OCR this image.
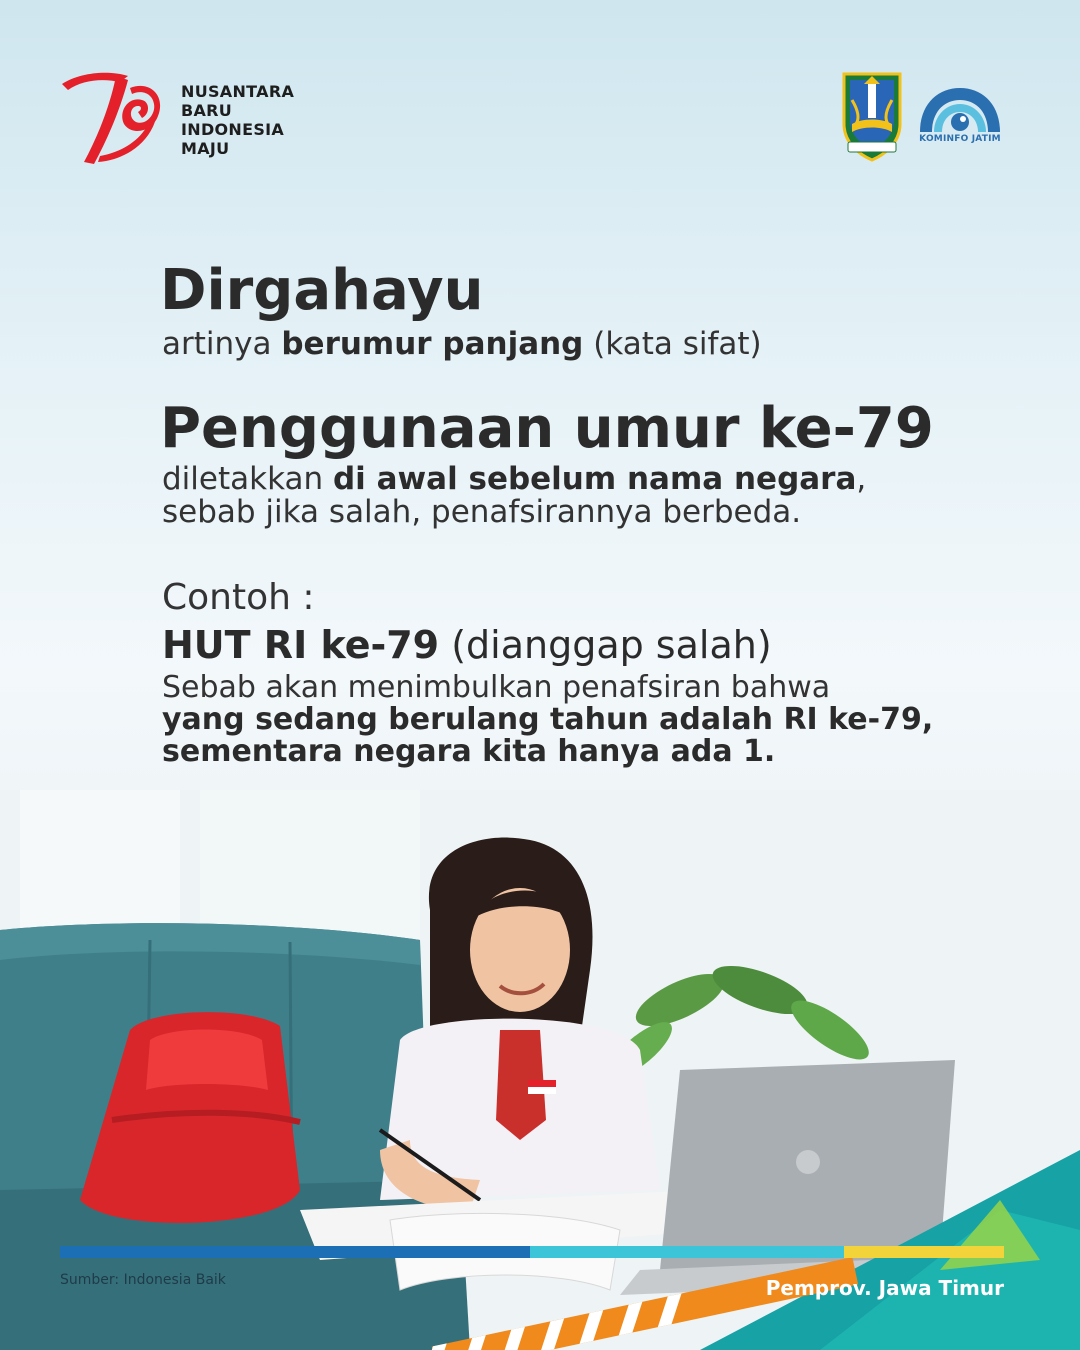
NUSANTARA
BARU
INDONESIA
MAJU	KOMINFO JATIM
Dirgahayu
artinya berumur panjang (kata sifat)
Penggunaan umur ke-79
diletakkan di awal sebelum nama negara,
sebab jika salah, penafsirannya berbeda.
Contoh :
HUT RI ke-79 (dianggap salah)
Sebab akan menimbulkan penafsiran bahwa
yang sedang berulang tahun adalah RI ke-79,
sementara negara kita hanya ada 1.
Sumber: Indonesia Baik	Pemprov. Jawa Timur
